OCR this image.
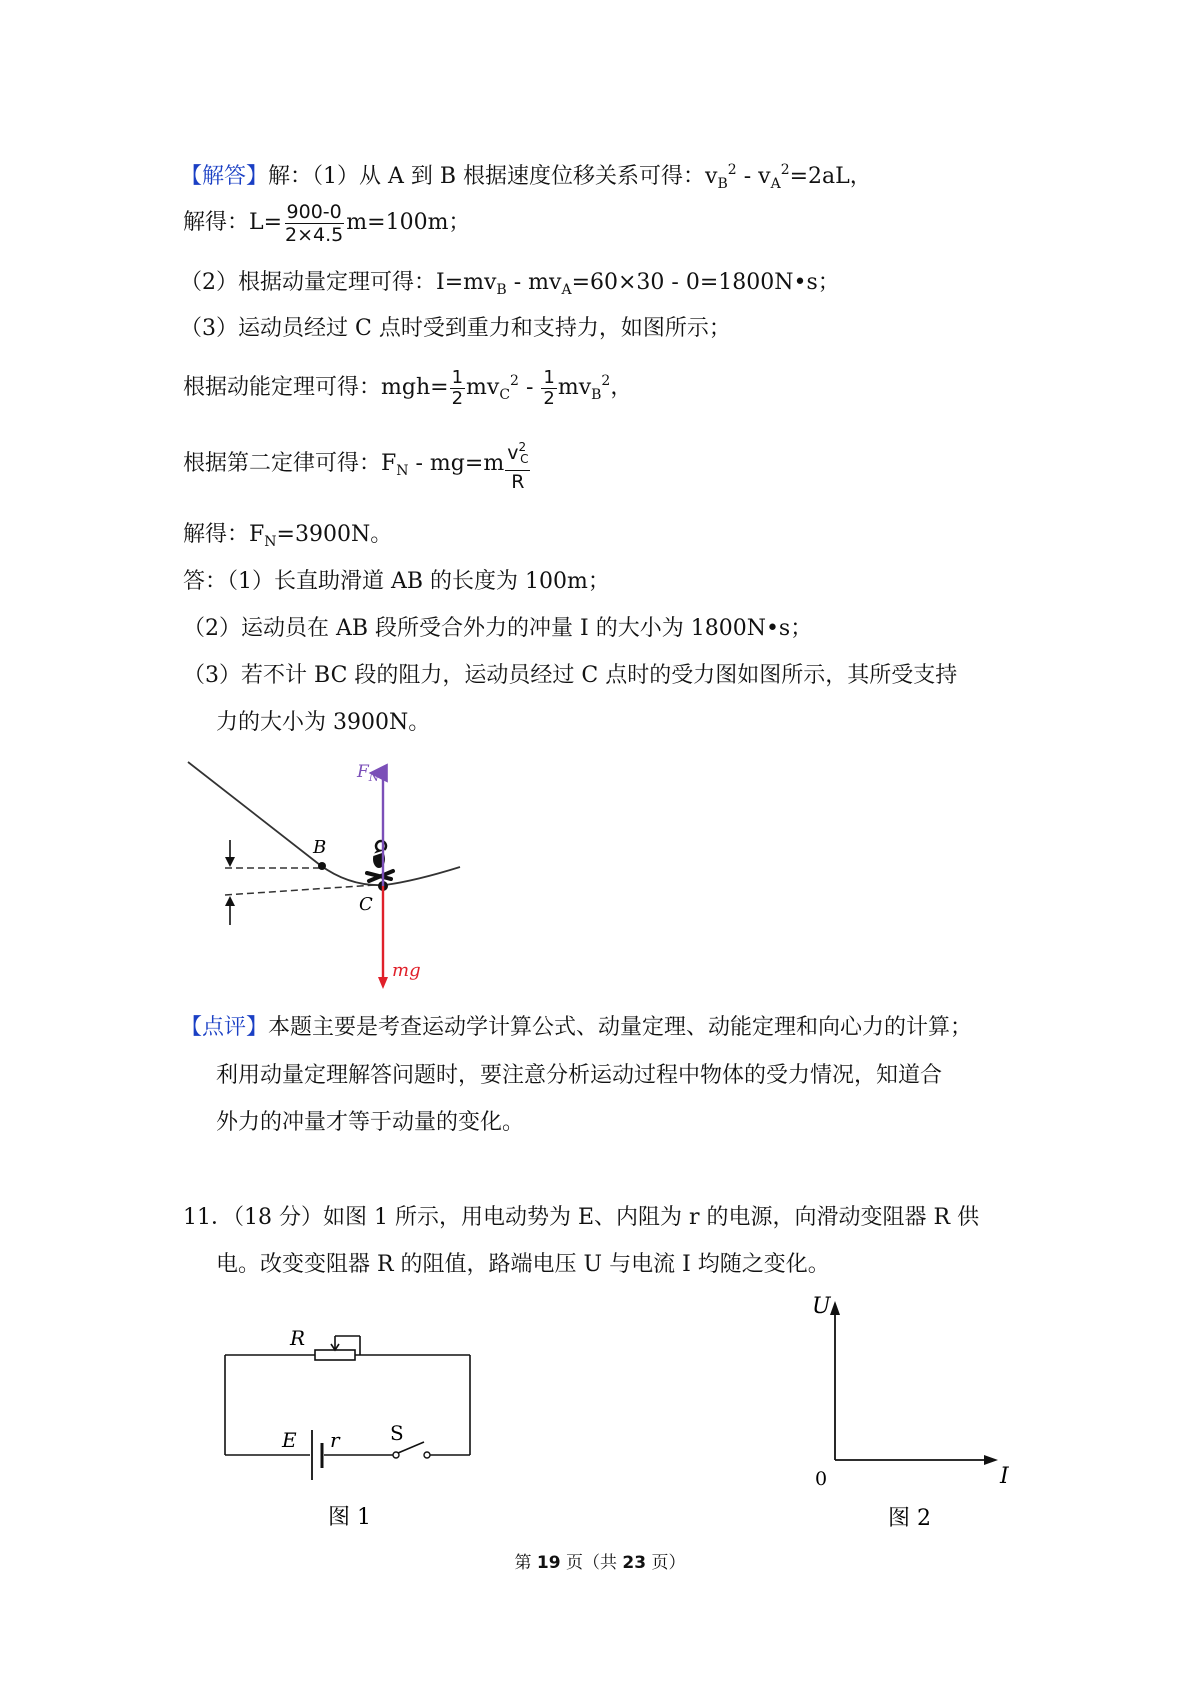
【解答】解：（1）从 A 到 B 根据速度位移关系可得：$v_B^2 - v_A^2=2aL$，
解得：$L= \frac{900-0}{2\times 4.5} m=100m$；
（2）根据动量定理可得：$I=mv_B - mv_A=60\times 30$ - 0=1800N•s；
（3）运动员经过 C 点时受到重力和支持力，如图所示；
根据动能定理可得：$mgh= \frac{1}{2} mv_C^2 - \frac{1}{2} mv_B^2$，
根据第二定律可得：$F_N - mg=m \frac{v^2_C}{R}$
解得：$F_N=3900N$。
答：（1）长直助滑道 AB 的长度为 100m；
（2）运动员在 AB 段所受合外力的冲量 I 的大小为 1800N•s；
（3）若不计 BC 段的阻力，运动员经过 C 点时的受力图如图所示，其所受支持
力的大小为 3900N。
B
C
$F_N$
mg
【点评】本题主要是考查运动学计算公式、动量定理、动能定理和向心力的计算；
利用动量定理解答问题时，要注意分析运动过程中物体的受力情况，知道合
外力的冲量才等于动量的变化。
11．（18 分）如图 1 所示，用电动势为 E、内阻为 r 的电源，向滑动变阻器 R 供
电。改变变阻器 R 的阻值，路端电压 U 与电流 I 均随之变化。
R
E r	S
图 1
U
I
0
图 2
第 19 页（共 23 页）
